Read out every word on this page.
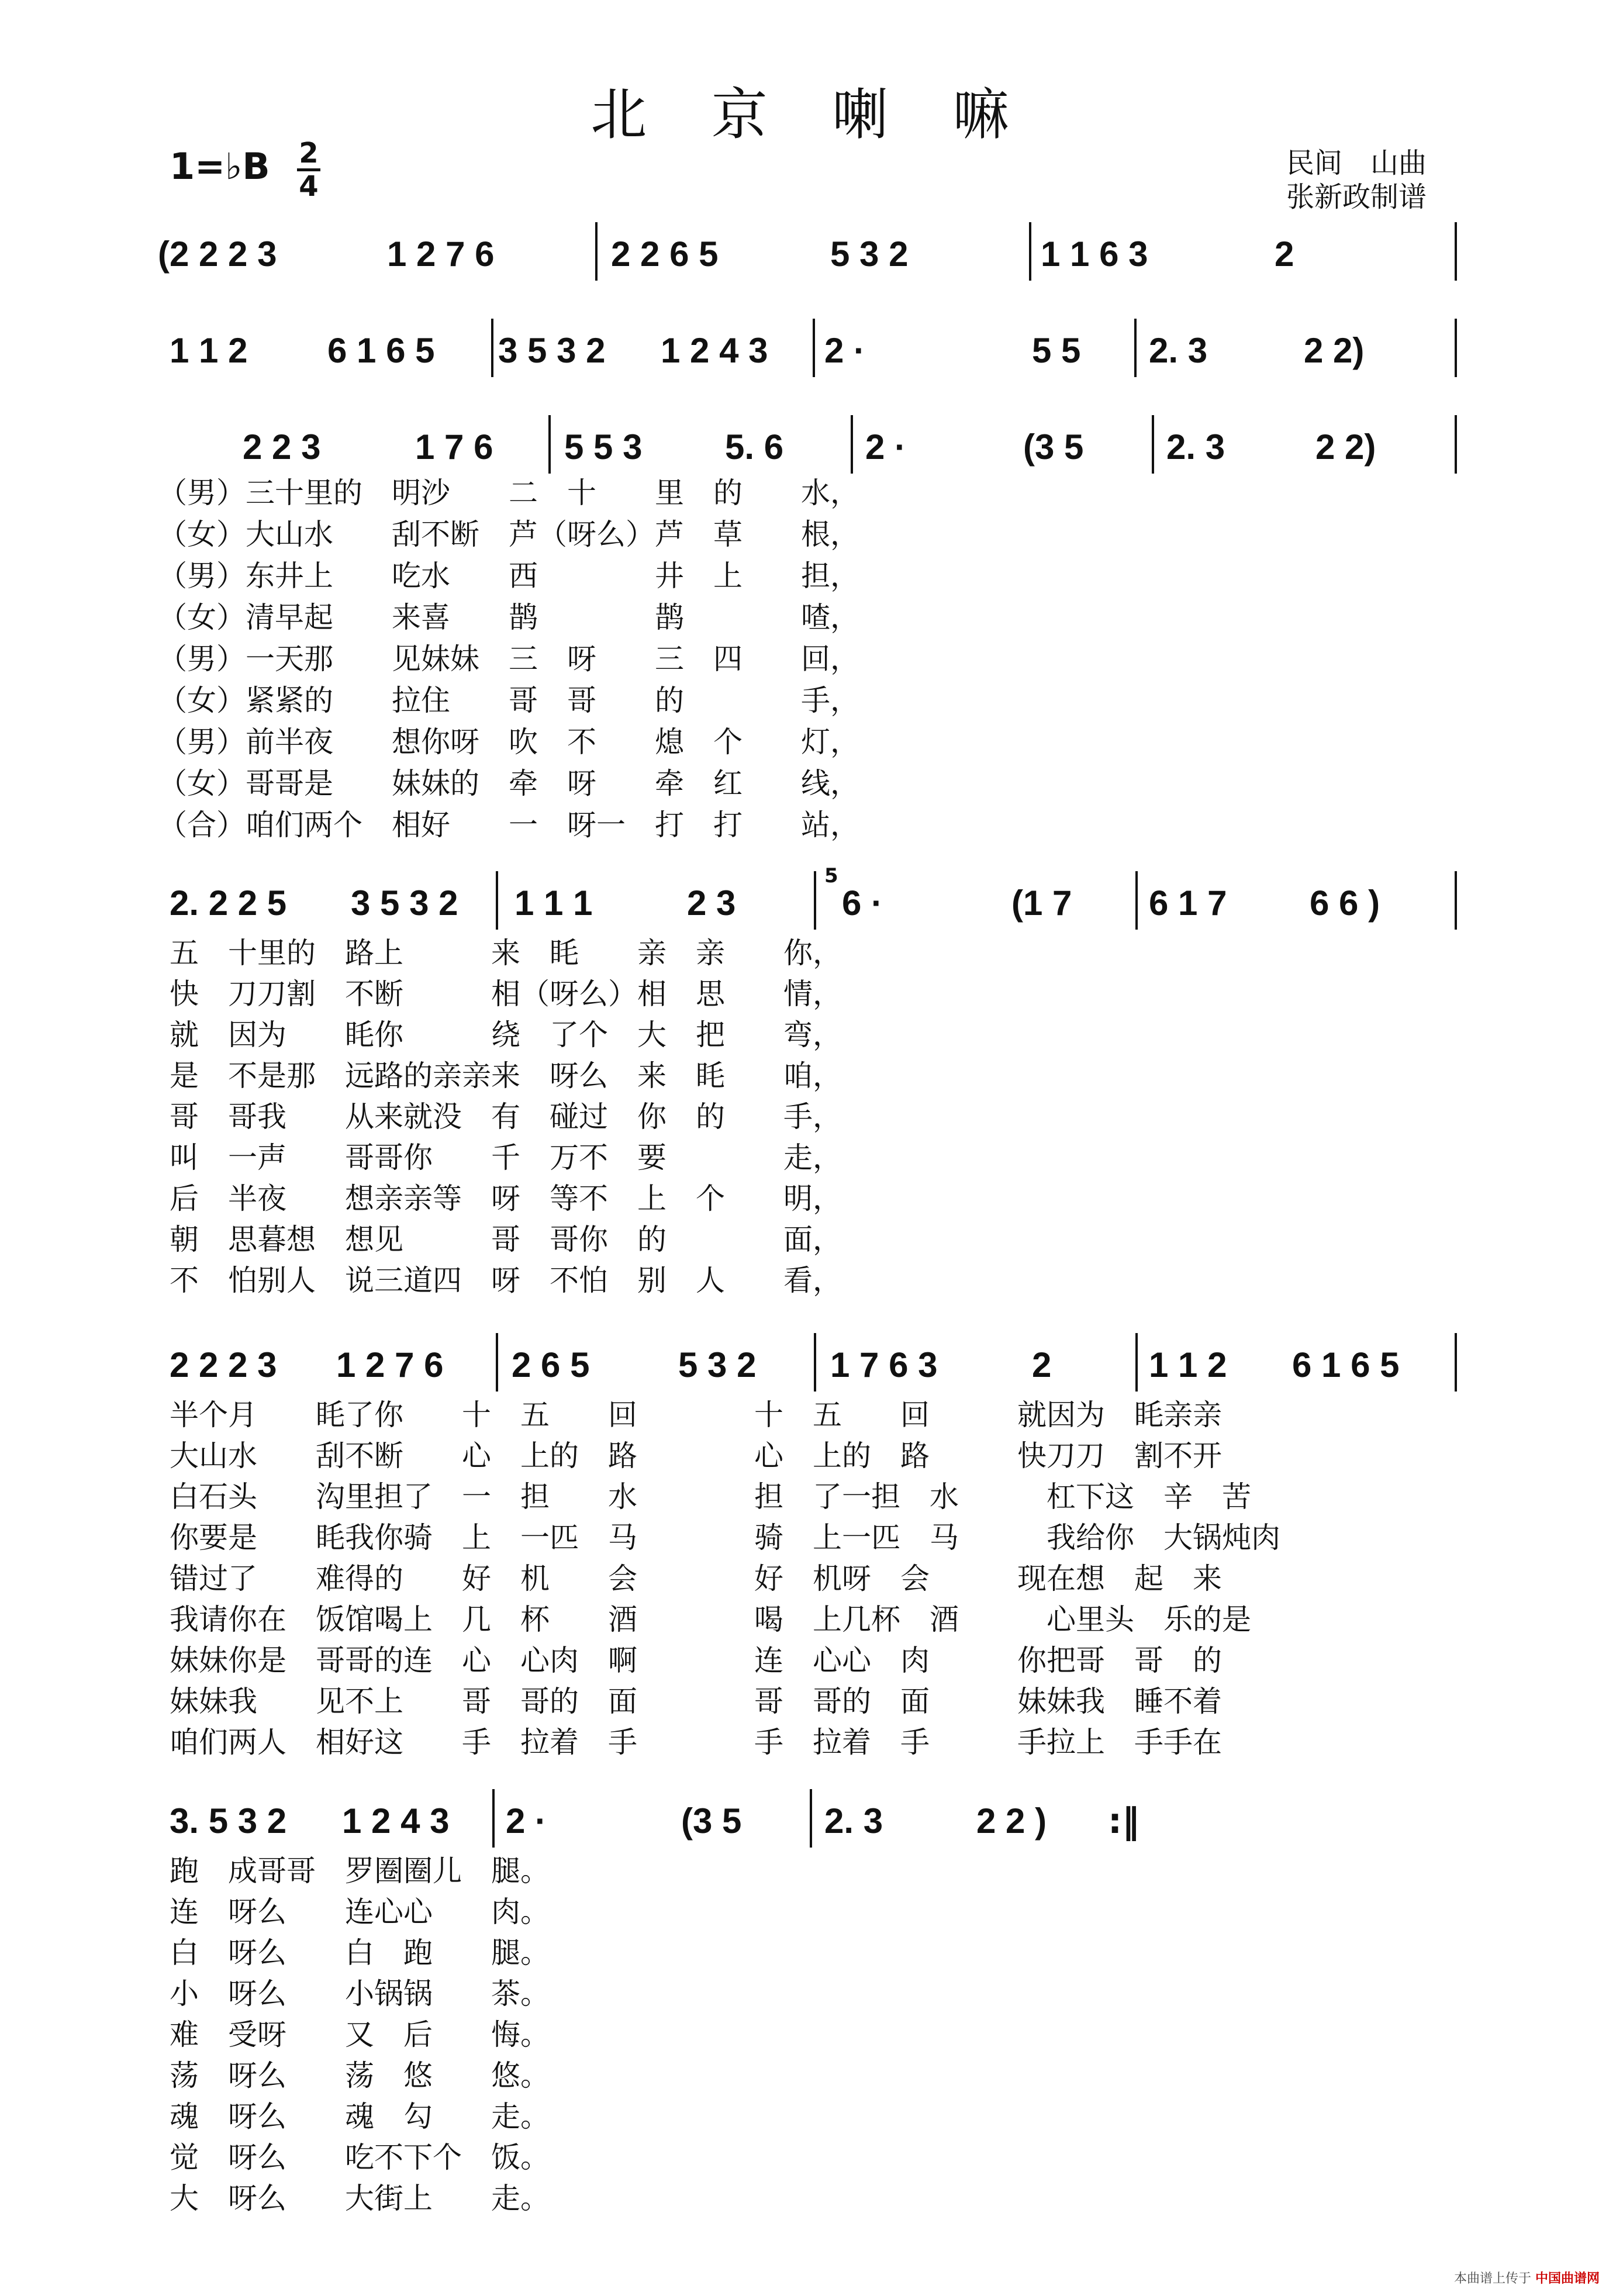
北 京 喇 嘛
1=♭B 2
4
民间　山曲
张新政制谱
(2 2 2 3	1 2 7 6	2 2 6 5	5 3 2	1 1 6 3	2
1 1 2 6 1 6 5 3 5 3 2 1 2 4 3 2 ·	5 5 2. 3	2 2)
2 2 3	1 7 6 5 5 3 5. 6 2 ·	(3 5 2. 3	2 2)
（男）三十里的　明沙　　二　十　　里　的　　水，
（女）大山水　　刮不断　芦（呀么）芦　草　　根，
（男）东井上　　吃水　　西　　　　井　上　　担，
（女）清早起　　来喜　　鹊　　　　鹊　　　　喳，
（男）一天那　　见妹妹　三　呀　　三　四　　回，
（女）紧紧的　　拉住　　哥　哥　　的　　　　手，
（男）前半夜　　想你呀　吹　不　　熄　个　　灯，
（女）哥哥是　　妹妹的　牵　呀　　牵　红　　线，
（合）咱们两个　相好　　一　呀一　打　打　　站，
2. 2 2 5 3 5 3 2 1 1 1	2 3
5
6 ·	(1 7 6 1 7 6 6 )
五　十里的　路上　　　来　眊　　亲　亲　　你，
快　刀刀割　不断　　　相（呀么）相　思　　情，
就　因为　　眊你　　　绕　了个　大　把　　弯，
是　不是那　远路的亲亲来　呀么　来　眊　　咱，
哥　哥我　　从来就没　有　碰过　你　的　　手，
叫　一声　　哥哥你　　千　万不　要　　　　走，
后　半夜　　想亲亲等　呀　等不　上　个　　明，
朝　思暮想　想见　　　哥　哥你　的　　　　面，
不　怕别人　说三道四　呀　不怕　别　人　　看，
2 2 2 3 1 2 7 6 2 6 5	5 3 2 1 7 6 3	2	1 1 2 6 1 6 5
半个月　　眊了你　　十　五　　回　　　　十　五　　回　　　就因为　眊亲亲
大山水　　刮不断　　心　上的　路　　　　心　上的　路　　　快刀刀　割不开
白石头　　沟里担了　一　担　　水　　　　担　了一担　水　　　杠下这　辛　苦
你要是　　眊我你骑　上　一匹　马　　　　骑　上一匹　马　　　我给你　大锅炖肉
错过了　　难得的　　好　机　　会　　　　好　机呀　会　　　现在想　起　来
我请你在　饭馆喝上　几　杯　　酒　　　　喝　上几杯　酒　　　心里头　乐的是
妹妹你是　哥哥的连　心　心肉　啊　　　　连　心心　肉　　　你把哥　哥　的
妹妹我　　见不上　　哥　哥的　面　　　　哥　哥的　面　　　妹妹我　睡不着
咱们两人　相好这　　手　拉着　手　　　　手　拉着　手　　　手拉上　手手在
3. 5 3 2 1 2 4 3 2 ·	(3 5 2. 3	2 2 ) :‖
跑　成哥哥　罗圈圈儿　腿。
连　呀么　　连心心　　肉。
白　呀么　　白　跑　　腿。
小　呀么　　小锅锅　　茶。
难　受呀　　又　后　　悔。
荡　呀么　　荡　悠　　悠。
魂　呀么　　魂　勾　　走。
觉　呀么　　吃不下个　饭。
大　呀么　　大街上　　走。
本曲谱上传于 中国曲谱网
